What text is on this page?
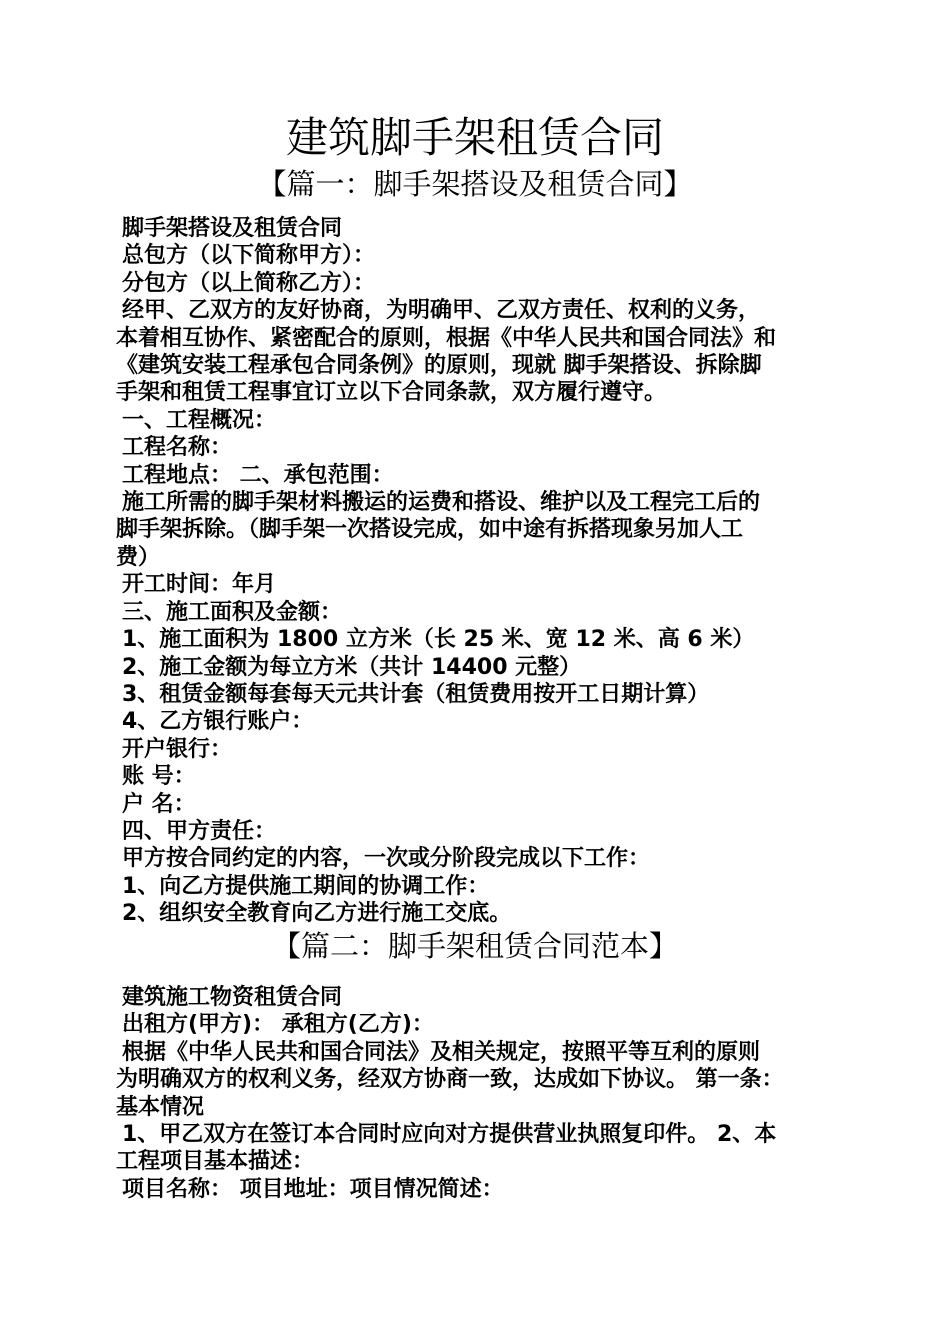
建筑脚手架租赁合同
【篇一：脚手架搭设及租赁合同】

脚手架搭设及租赁合同

总包方（以下简称甲方）：

分包方（以上简称乙方）：

经甲、乙双方的友好协商，为明确甲、乙双方责任、权利的义务，

本着相互协作、紧密配合的原则，根据《中华人民共和国合同法》和

《建筑安装工程承包合同条例》的原则，现就 脚手架搭设、拆除脚

手架和租赁工程事宜订立以下合同条款，双方履行遵守。

一、工程概况：

工程名称：

工程地点： 二、承包范围：

施工所需的脚手架材料搬运的运费和搭设、维护以及工程完工后的

脚手架拆除。（脚手架一次搭设完成，如中途有拆搭现象另加人工

费）

开工时间：年月

三、施工面积及金额：

1、施工面积为 1800 立方米（长 25 米、宽 12 米、高 6 米）

2、施工金额为每立方米（共计 14400 元整）

3、租赁金额每套每天元共计套（租赁费用按开工日期计算）

4、乙方银行账户：

开户银行：

账 号：

户 名：

四、甲方责任：

甲方按合同约定的内容，一次或分阶段完成以下工作：

1、向乙方提供施工期间的协调工作：

2、组织安全教育向乙方进行施工交底。

【篇二：脚手架租赁合同范本】

建筑施工物资租赁合同

出租方(甲方)： 承租方(乙方)：

根据《中华人民共和国合同法》及相关规定，按照平等互利的原则

为明确双方的权利义务，经双方协商一致，达成如下协议。 第一条：

基本情况

1、甲乙双方在签订本合同时应向对方提供营业执照复印件。 2、本

工程项目基本描述：

项目名称： 项目地址：项目情况简述：
